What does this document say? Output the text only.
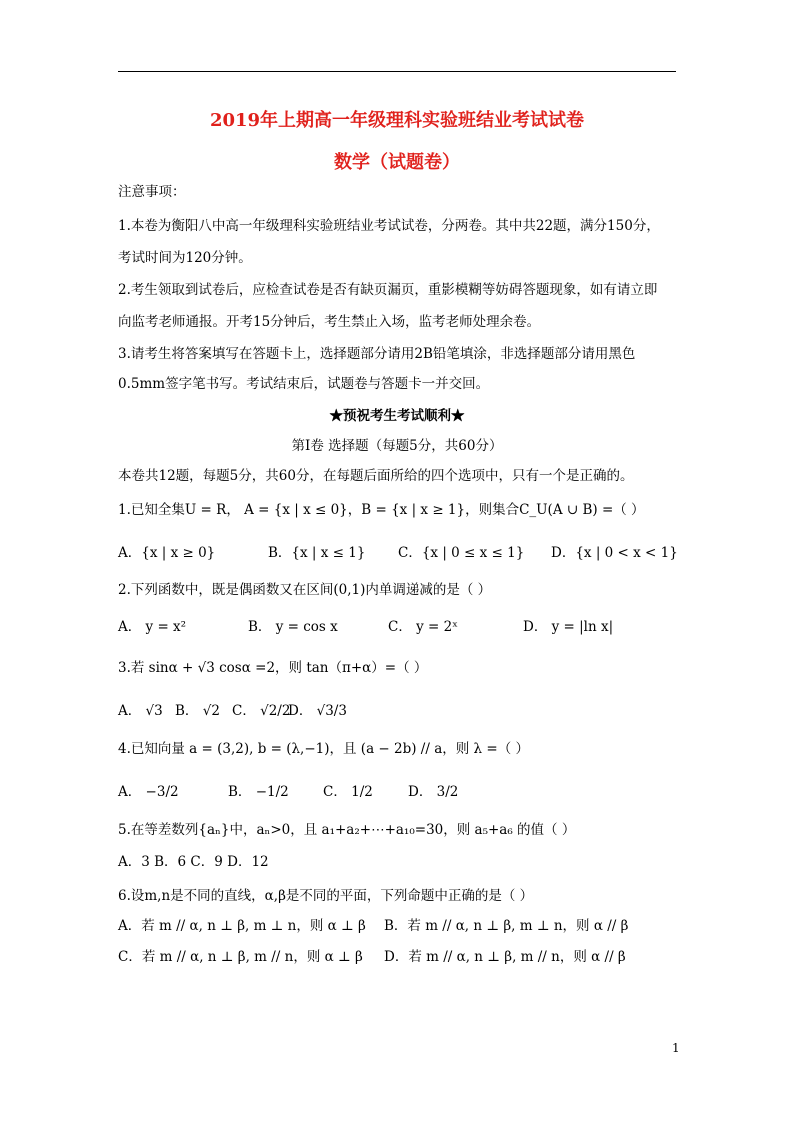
2019年上期高一年级理科实验班结业考试试卷
数学（试题卷）
注意事项：
1.本卷为衡阳八中高一年级理科实验班结业考试试卷，分两卷。其中共22题，满分150分，
考试时间为120分钟。
2.考生领取到试卷后，应检查试卷是否有缺页漏页，重影模糊等妨碍答题现象，如有请立即
向监考老师通报。开考15分钟后，考生禁止入场，监考老师处理余卷。
3.请考生将答案填写在答题卡上，选择题部分请用2B铅笔填涂，非选择题部分请用黑色
0.5mm签字笔书写。考试结束后，试题卷与答题卡一并交回。
★预祝考生考试顺利★
第Ⅰ卷 选择题（每题5分，共60分）
本卷共12题，每题5分，共60分，在每题后面所给的四个选项中，只有一个是正确的。
1.已知全集U = R， A = {x | x ≤ 0}，B = {x | x ≥ 1}，则集合C_U(A ∪ B) =（ ）
A．{x | x ≥ 0}	B．{x | x ≤ 1} C．{x | 0 ≤ x ≤ 1} D．{x | 0 < x < 1}
2.下列函数中，既是偶函数又在区间(0,1)内单调递减的是（ ）
A． y = x²	B． y = cos x	C． y = 2ˣ	D． y = |ln x|
3.若 sinα + √3 cosα =2，则 tan（π+α）=（ ）
A． √3 B． √2 C． √2/2
D． √3/3
4.已知向量 a = (3,2), b = (λ,−1)，且 (a − 2b) // a，则 λ =（ ）
A． −3/2	B． −1/2	C． 1/2	D． 3/2
5.在等差数列{aₙ}中，aₙ>0，且 a₁+a₂+⋯+a₁₀=30，则 a₅+a₆ 的值（ ）
A．3 B．6 C．9 D．12
6.设m,n是不同的直线，α,β是不同的平面，下列命题中正确的是（ ）
A．若 m // α, n ⊥ β, m ⊥ n，则 α ⊥ β B．若 m // α, n ⊥ β, m ⊥ n，则 α // β
C．若 m // α, n ⊥ β, m // n，则 α ⊥ β D．若 m // α, n ⊥ β, m // n，则 α // β
1
